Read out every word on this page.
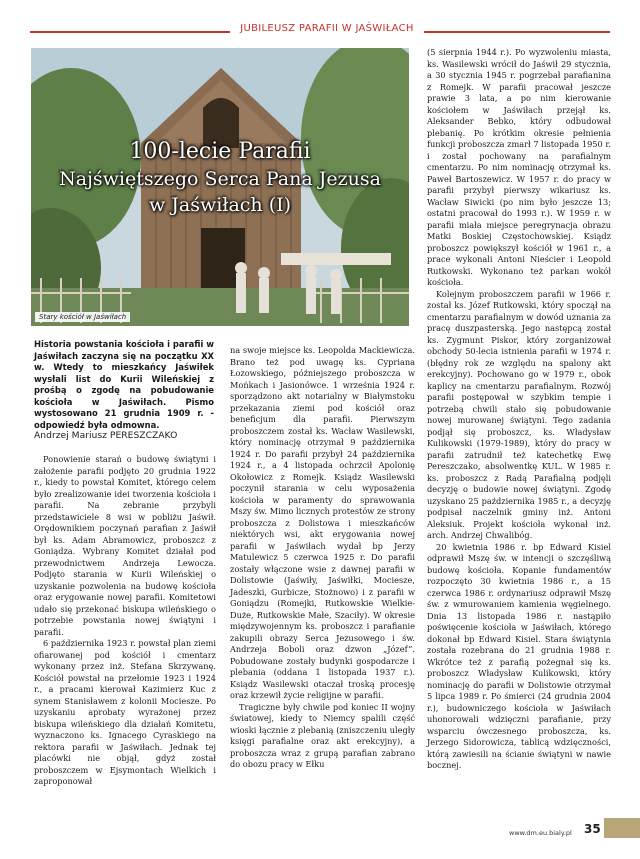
JUBILEUSZ PARAFII W JAŚWIŁACH
100-lecie Parafii
Najświętszego Serca Pana Jezusa
w Jaświłach (I)
Stary kościół w Jaświłach
Historia powstania kościoła i parafii w Jaświłach zaczyna się na początku XX w. Wtedy to mieszkańcy Jaświłek wysłali list do Kurii Wileńskiej z prośbą o zgodę na pobudowanie kościoła w Jaświłach. Pismo wystosowano 21 grudnia 1909 r. - odpowiedź była odmowna.
Andrzej Mariusz PERESZCZAKO

Ponowienie starań o budowę świątyni i założenie parafii podjęto 20 grudnia 1922 r., kiedy to powstał Komitet, którego celem było zrealizowanie idei tworzenia kościoła i parafii. Na zebranie przybyli przedstawiciele 8 wsi w pobliżu Jaświł. Orędownikiem poczynań parafian z Jaświł był ks. Adam Abramowicz, proboszcz z Goniądza. Wybrany Komitet działał pod przewodnictwem Andrzeja Lewocza. Podjęto starania w Kurii Wileńskiej o uzyskanie pozwolenia na budowę kościoła oraz erygowanie nowej parafii. Komitetowi udało się przekonać biskupa wileńskiego o potrzebie powstania nowej świątyni i parafii.

6 października 1923 r. powstał plan ziemi ofiarowanej pod kościół i cmentarz wykonany przez inż. Stefana Skrzywanę. Kościół powstał na przełomie 1923 i 1924 r., a pracami kierował Kazimierz Kuc z synem Stanisławem z kolonii Mociesze. Po uzyskaniu aprobaty wyrażonej przez biskupa wileńskiego dla działań Komitetu, wyznaczono ks. Ignacego Cyraskiego na rektora parafii w Jaświłach. Jednak tej placówki nie objął, gdyż został proboszczem w Ejsymontach Wielkich i zaproponował

na swoje miejsce ks. Leopolda Mackiewicza. Brano też pod uwagę ks. Cypriana Łozowskiego, późniejszego proboszcza w Mońkach i Jasionówce. 1 września 1924 r. sporządzono akt notarialny w Białymstoku przekazania ziemi pod kościół oraz beneficjum dla parafii. Pierwszym proboszczem został ks. Wacław Wasilewski, który nominację otrzymał 9 października 1924 r. Do parafii przybył 24 października 1924 r., a 4 listopada ochrzcił Apolonię Okołowicz z Romejk. Ksiądz Wasilewski poczynił starania w celu wyposażenia kościoła w paramenty do sprawowania Mszy św. Mimo licznych protestów ze strony proboszcza z Dolistowa i mieszkańców niektórych wsi, akt erygowania nowej parafii w Jaświłach wydał bp Jerzy Matulewicz 5 czerwca 1925 r. Do parafii zostały włączone wsie z dawnej parafii w Dolistowie (Jaświły, Jaświłki, Mociesze, Jadeszki, Gurbicze, Stożnowo) i z parafii w Goniądzu (Romejki, Rutkowskie Wielkie-Duże, Rutkowskie Małe, Szaciły). W okresie międzywojennym ks. proboszcz i parafianie zakupili obrazy Serca Jezusowego i św. Andrzeja Boboli oraz dzwon „Józef”. Pobudowane zostały budynki gospodarcze i plebania (oddana 1 listopada 1937 r.). Ksiądz Wasilewski otaczał troską procesję oraz krzewił życie religijne w parafii.

Tragiczne były chwile pod koniec II wojny światowej, kiedy to Niemcy spalili część wioski łącznie z plebanią (zniszczeniu uległy księgi parafialne oraz akt erekcyjny), a proboszcza wraz z grupą parafian zabrano do obozu pracy w Ełku

(5 sierpnia 1944 r.). Po wyzwoleniu miasta, ks. Wasilewski wrócił do Jaświł 29 stycznia, a 30 stycznia 1945 r. pogrzebał parafianina z Romejk. W parafii pracował jeszcze prawie 3 lata, a po nim kierowanie kościołem w Jaświłach przejął ks. Aleksander Bebko, który odbudował plebanię. Po krótkim okresie pełnienia funkcji proboszcza zmarł 7 listopada 1950 r. i został pochowany na parafialnym cmentarzu. Po nim nominację otrzymał ks. Paweł Bartoszewicz. W 1957 r. do pracy w parafii przybył pierwszy wikariusz ks. Wacław Siwicki (po nim było jeszcze 13; ostatni pracował do 1993 r.). W 1959 r. w parafii miała miejsce peregrynacja obrazu Matki Boskiej Częstochowskiej. Ksiądz proboszcz powiększył kościół w 1961 r., a prace wykonali Antoni Nieścier i Leopold Rutkowski. Wykonano też parkan wokół kościoła.

Kolejnym proboszczem parafii w 1966 r. został ks. Józef Rutkowski, który spoczął na cmentarzu parafialnym w dowód uznania za pracę duszpasterską. Jego następcą został ks. Zygmunt Piskor, który zorganizował obchody 50-lecia istnienia parafii w 1974 r. (błędny rok ze względu na spalony akt erekcyjny). Pochowano go w 1979 r., obok kaplicy na cmentarzu parafialnym. Rozwój parafii postępował w szybkim tempie i potrzebą chwili stało się pobudowanie nowej murowanej świątyni. Tego zadania podjął się proboszcz, ks. Władysław Kulikowski (1979-1989), który do pracy w parafii zatrudnił też katechetkę Ewę Pereszczako, absolwentkę KUL. W 1985 r. ks. proboszcz z Radą Parafialną podjęli decyzję o budowie nowej świątyni. Zgodę uzyskano 25 października 1985 r., a decyzję podpisał naczelnik gminy inż. Antoni Aleksiuk. Projekt kościoła wykonał inż. arch. Andrzej Chwalibóg.

20 kwietnia 1986 r. bp Edward Kisiel odprawił Mszę św. w intencji o szczęśliwą budowę kościoła. Kopanie fundamentów rozpoczęto 30 kwietnia 1986 r., a 15 czerwca 1986 r. ordynariusz odprawił Mszę św. z wmurowaniem kamienia węgielnego. Dnia 13 listopada 1986 r. nastąpiło poświęcenie kościoła w Jaświłach, którego dokonał bp Edward Kisiel. Stara świątynia została rozebrana do 21 grudnia 1988 r. Wkrótce też z parafią pożegnał się ks. proboszcz Władysław Kulikowski, który nominację do parafii w Dolistowie otrzymał 5 lipca 1989 r. Po śmierci (24 grudnia 2004 r.), budowniczego kościoła w Jaświłach uhonorowali wdzięczni parafianie, przy wsparciu ówczesnego proboszcza, ks. Jerzego Sidorowicza, tablicą wdzięczności, którą zawiesili na ścianie świątyni w nawie bocznej.

www.dm.eu.bialy.pl 35
